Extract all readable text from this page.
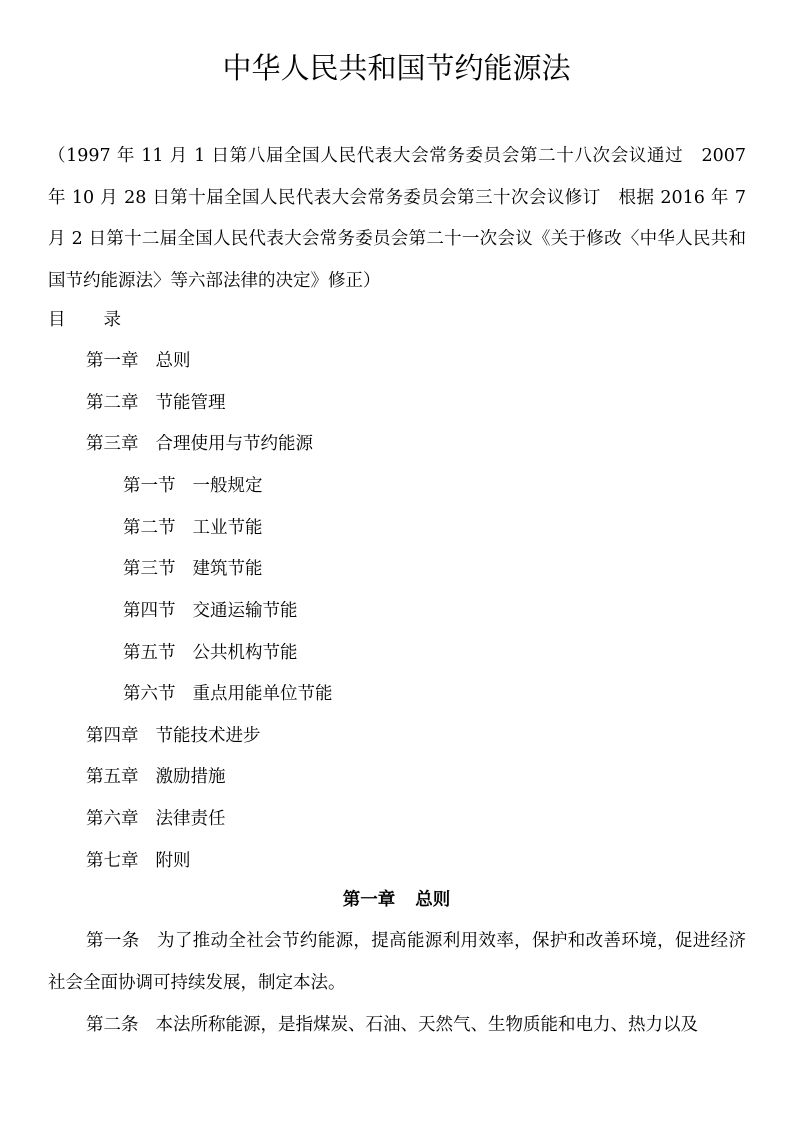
中华人民共和国节约能源法
（1997 年 11 月 1 日第八届全国人民代表大会常务委员会第二十八次会议通过　2007 年 10 月 28 日第十届全国人民代表大会常务委员会第三十次会议修订　根据 2016 年 7 月 2 日第十二届全国人民代表大会常务委员会第二十一次会议《关于修改〈中华人民共和国节约能源法〉等六部法律的决定》修正）
目 录
第一章 总则
第二章 节能管理
第三章 合理使用与节约能源
第一节 一般规定
第二节 工业节能
第三节 建筑节能
第四节 交通运输节能
第五节 公共机构节能
第六节 重点用能单位节能
第四章 节能技术进步
第五章 激励措施
第六章 法律责任
第七章 附则
第一章 总则
第一条 为了推动全社会节约能源，提高能源利用效率，保护和改善环境，促进经济社会全面协调可持续发展，制定本法。
第二条 本法所称能源，是指煤炭、石油、天然气、生物质能和电力、热力以及
